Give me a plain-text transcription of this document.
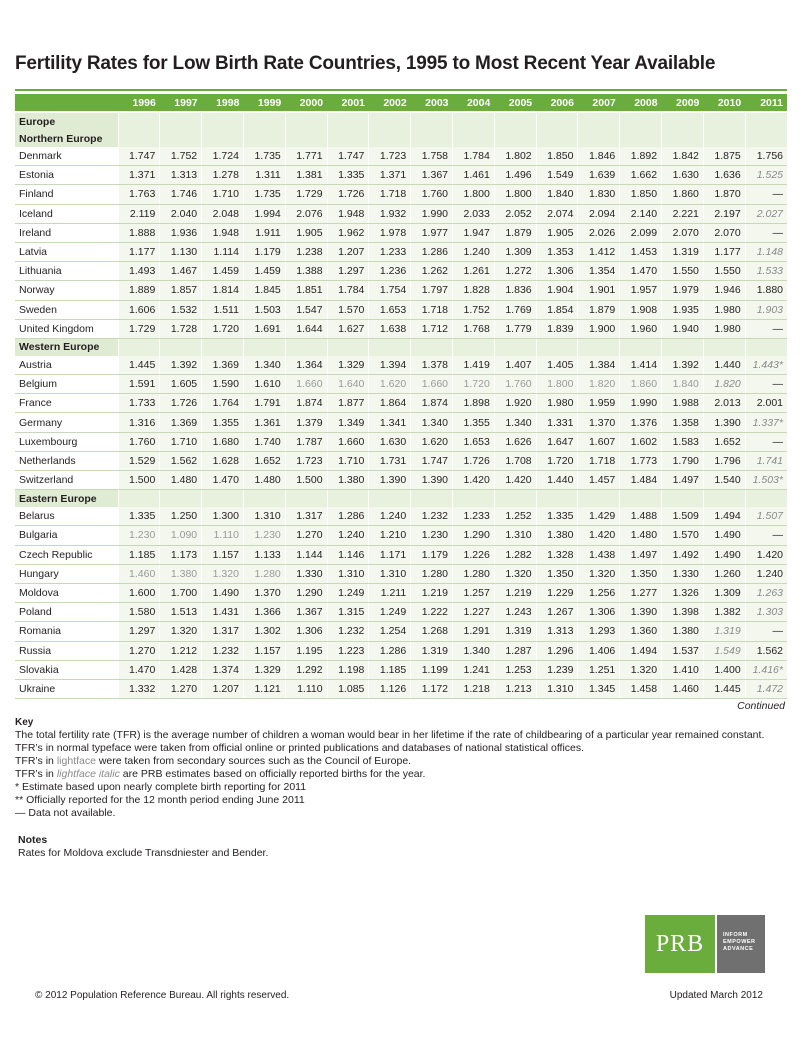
Fertility Rates for Low Birth Rate Countries, 1995 to Most Recent Year Available
	1996	1997	1998	1999	2000	2001	2002	2003	2004	2005	2006	2007	2008	2009	2010	2011
Europe																
Northern Europe																
Denmark	1.747	1.752	1.724	1.735	1.771	1.747	1.723	1.758	1.784	1.802	1.850	1.846	1.892	1.842	1.875	1.756
Estonia	1.371	1.313	1.278	1.311	1.381	1.335	1.371	1.367	1.461	1.496	1.549	1.639	1.662	1.630	1.636	1.525
Finland	1.763	1.746	1.710	1.735	1.729	1.726	1.718	1.760	1.800	1.800	1.840	1.830	1.850	1.860	1.870	—
Iceland	2.119	2.040	2.048	1.994	2.076	1.948	1.932	1.990	2.033	2.052	2.074	2.094	2.140	2.221	2.197	2.027
Ireland	1.888	1.936	1.948	1.911	1.905	1.962	1.978	1.977	1.947	1.879	1.905	2.026	2.099	2.070	2.070	—
Latvia	1.177	1.130	1.114	1.179	1.238	1.207	1.233	1.286	1.240	1.309	1.353	1.412	1.453	1.319	1.177	1.148
Lithuania	1.493	1.467	1.459	1.459	1.388	1.297	1.236	1.262	1.261	1.272	1.306	1.354	1.470	1.550	1.550	1.533
Norway	1.889	1.857	1.814	1.845	1.851	1.784	1.754	1.797	1.828	1.836	1.904	1.901	1.957	1.979	1.946	1.880
Sweden	1.606	1.532	1.511	1.503	1.547	1.570	1.653	1.718	1.752	1.769	1.854	1.879	1.908	1.935	1.980	1.903
United Kingdom	1.729	1.728	1.720	1.691	1.644	1.627	1.638	1.712	1.768	1.779	1.839	1.900	1.960	1.940	1.980	—
Western Europe																
Austria	1.445	1.392	1.369	1.340	1.364	1.329	1.394	1.378	1.419	1.407	1.405	1.384	1.414	1.392	1.440	1.443*
Belgium	1.591	1.605	1.590	1.610	1.660	1.640	1.620	1.660	1.720	1.760	1.800	1.820	1.860	1.840	1.820	—
France	1.733	1.726	1.764	1.791	1.874	1.877	1.864	1.874	1.898	1.920	1.980	1.959	1.990	1.988	2.013	2.001
Germany	1.316	1.369	1.355	1.361	1.379	1.349	1.341	1.340	1.355	1.340	1.331	1.370	1.376	1.358	1.390	1.337*
Luxembourg	1.760	1.710	1.680	1.740	1.787	1.660	1.630	1.620	1.653	1.626	1.647	1.607	1.602	1.583	1.652	—
Netherlands	1.529	1.562	1.628	1.652	1.723	1.710	1.731	1.747	1.726	1.708	1.720	1.718	1.773	1.790	1.796	1.741
Switzerland	1.500	1.480	1.470	1.480	1.500	1.380	1.390	1.390	1.420	1.420	1.440	1.457	1.484	1.497	1.540	1.503*
Eastern Europe																
Belarus	1.335	1.250	1.300	1.310	1.317	1.286	1.240	1.232	1.233	1.252	1.335	1.429	1.488	1.509	1.494	1.507
Bulgaria	1.230	1.090	1.110	1.230	1.270	1.240	1.210	1.230	1.290	1.310	1.380	1.420	1.480	1.570	1.490	—
Czech Republic	1.185	1.173	1.157	1.133	1.144	1.146	1.171	1.179	1.226	1.282	1.328	1.438	1.497	1.492	1.490	1.420
Hungary	1.460	1.380	1.320	1.280	1.330	1.310	1.310	1.280	1.280	1.320	1.350	1.320	1.350	1.330	1.260	1.240
Moldova	1.600	1.700	1.490	1.370	1.290	1.249	1.211	1.219	1.257	1.219	1.229	1.256	1.277	1.326	1.309	1.263
Poland	1.580	1.513	1.431	1.366	1.367	1.315	1.249	1.222	1.227	1.243	1.267	1.306	1.390	1.398	1.382	1.303
Romania	1.297	1.320	1.317	1.302	1.306	1.232	1.254	1.268	1.291	1.319	1.313	1.293	1.360	1.380	1.319	—
Russia	1.270	1.212	1.232	1.157	1.195	1.223	1.286	1.319	1.340	1.287	1.296	1.406	1.494	1.537	1.549	1.562
Slovakia	1.470	1.428	1.374	1.329	1.292	1.198	1.185	1.199	1.241	1.253	1.239	1.251	1.320	1.410	1.400	1.416*
Ukraine	1.332	1.270	1.207	1.121	1.110	1.085	1.126	1.172	1.218	1.213	1.310	1.345	1.458	1.460	1.445	1.472
Continued
Key
The total fertility rate (TFR) is the average number of children a woman would bear in her lifetime if the rate of childbearing of a particular year remained constant.
TFR’s in normal typeface were taken from official online or printed publications and databases of national statistical offices.
TFR’s in lightface were taken from secondary sources such as the Council of Europe.
TFR’s in lightface italic are PRB estimates based on officially reported births for the year.
* Estimate based upon nearly complete birth reporting for 2011
** Officially reported for the 12 month period ending June 2011
— Data not available.
Notes
Rates for Moldova exclude Transdniester and Bender.
PRB	INFORM
EMPOWER
ADVANCE
© 2012 Population Reference Bureau. All rights reserved.	Updated March 2012
